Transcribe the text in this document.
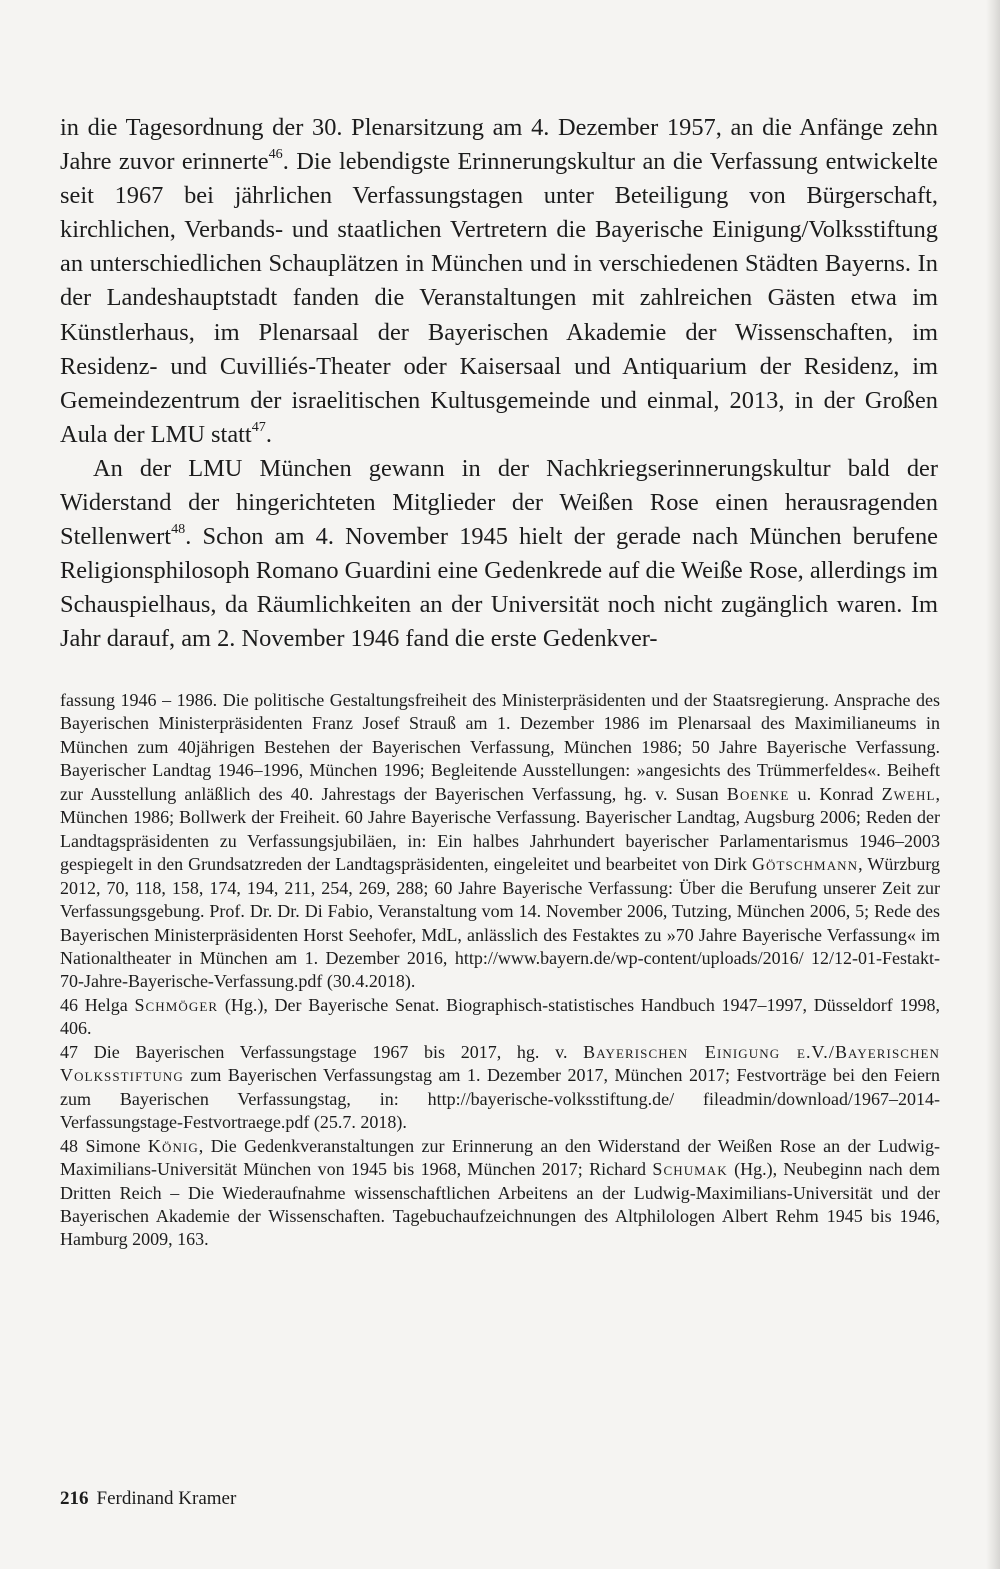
in die Tagesordnung der 30. Plenarsitzung am 4. Dezember 1957, an die Anfänge zehn Jahre zuvor erinnerte$^{46}$. Die lebendigste Erinnerungskultur an die Verfassung entwickelte seit 1967 bei jährlichen Verfassungstagen unter Beteiligung von Bürgerschaft, kirchlichen, Verbands- und staatlichen Vertretern die Bayerische Einigung/Volksstiftung an unterschiedlichen Schauplätzen in München und in verschiedenen Städten Bayerns. In der Landeshauptstadt fanden die Veranstaltungen mit zahlreichen Gästen etwa im Künstlerhaus, im Plenarsaal der Bayerischen Akademie der Wissenschaften, im Residenz- und Cuvilliés-Theater oder Kaisersaal und Antiquarium der Residenz, im Gemeindezentrum der israelitischen Kultusgemeinde und einmal, 2013, in der Großen Aula der LMU statt$^{47}$.

An der LMU München gewann in der Nachkriegserinnerungskultur bald der Widerstand der hingerichteten Mitglieder der Weißen Rose einen herausragenden Stellenwert$^{48}$. Schon am 4. November 1945 hielt der gerade nach München berufene Religionsphilosoph Romano Guardini eine Gedenkrede auf die Weiße Rose, allerdings im Schauspielhaus, da Räumlichkeiten an der Universität noch nicht zugänglich waren. Im Jahr darauf, am 2. November 1946 fand die erste Gedenkver-

fassung 1946 – 1986. Die politische Gestaltungsfreiheit des Ministerpräsidenten und der Staatsregierung. Ansprache des Bayerischen Ministerpräsidenten Franz Josef Strauß am 1. Dezember 1986 im Plenarsaal des Maximilianeums in München zum 40jährigen Bestehen der Bayerischen Verfassung, München 1986; 50 Jahre Bayerische Verfassung. Bayerischer Landtag 1946–1996, München 1996; Begleitende Ausstellungen: »angesichts des Trümmerfeldes«. Beiheft zur Ausstellung anläßlich des 40. Jahrestags der Bayerischen Verfassung, hg. v. Susan Boenke u. Konrad Zwehl, München 1986; Bollwerk der Freiheit. 60 Jahre Bayerische Verfassung. Bayerischer Landtag, Augsburg 2006; Reden der Landtagspräsidenten zu Verfassungsjubiläen, in: Ein halbes Jahrhundert bayerischer Parlamentarismus 1946–2003 gespiegelt in den Grundsatzreden der Landtagspräsidenten, eingeleitet und bearbeitet von Dirk Götschmann, Würzburg 2012, 70, 118, 158, 174, 194, 211, 254, 269, 288; 60 Jahre Bayerische Verfassung: Über die Berufung unserer Zeit zur Verfassungsgebung. Prof. Dr. Dr. Di Fabio, Veranstaltung vom 14. November 2006, Tutzing, München 2006, 5; Rede des Bayerischen Ministerpräsidenten Horst Seehofer, MdL, anlässlich des Festaktes zu »70 Jahre Bayerische Verfassung« im Nationaltheater in München am 1. Dezember 2016, http://www.bayern.de/wp-content/uploads/2016/ 12/12-01-Festakt-70-Jahre-Bayerische-Verfassung.pdf (30.4.2018).

46 Helga Schmöger (Hg.), Der Bayerische Senat. Biographisch-statistisches Handbuch 1947–1997, Düsseldorf 1998, 406.

47 Die Bayerischen Verfassungstage 1967 bis 2017, hg. v. Bayerischen Einigung e.V./Bayerischen Volksstiftung zum Bayerischen Verfassungstag am 1. Dezember 2017, München 2017; Festvorträge bei den Feiern zum Bayerischen Verfassungstag, in: http://bayerische-volksstiftung.de/ fileadmin/download/1967–2014-Verfassungstage-Festvortraege.pdf (25.7. 2018).

48 Simone König, Die Gedenkveranstaltungen zur Erinnerung an den Widerstand der Weißen Rose an der Ludwig-Maximilians-Universität München von 1945 bis 1968, München 2017; Richard Schumak (Hg.), Neubeginn nach dem Dritten Reich – Die Wiederaufnahme wissenschaftlichen Arbeitens an der Ludwig-Maximilians-Universität und der Bayerischen Akademie der Wissenschaften. Tagebuchaufzeichnungen des Altphilologen Albert Rehm 1945 bis 1946, Hamburg 2009, 163.

216 Ferdinand Kramer
